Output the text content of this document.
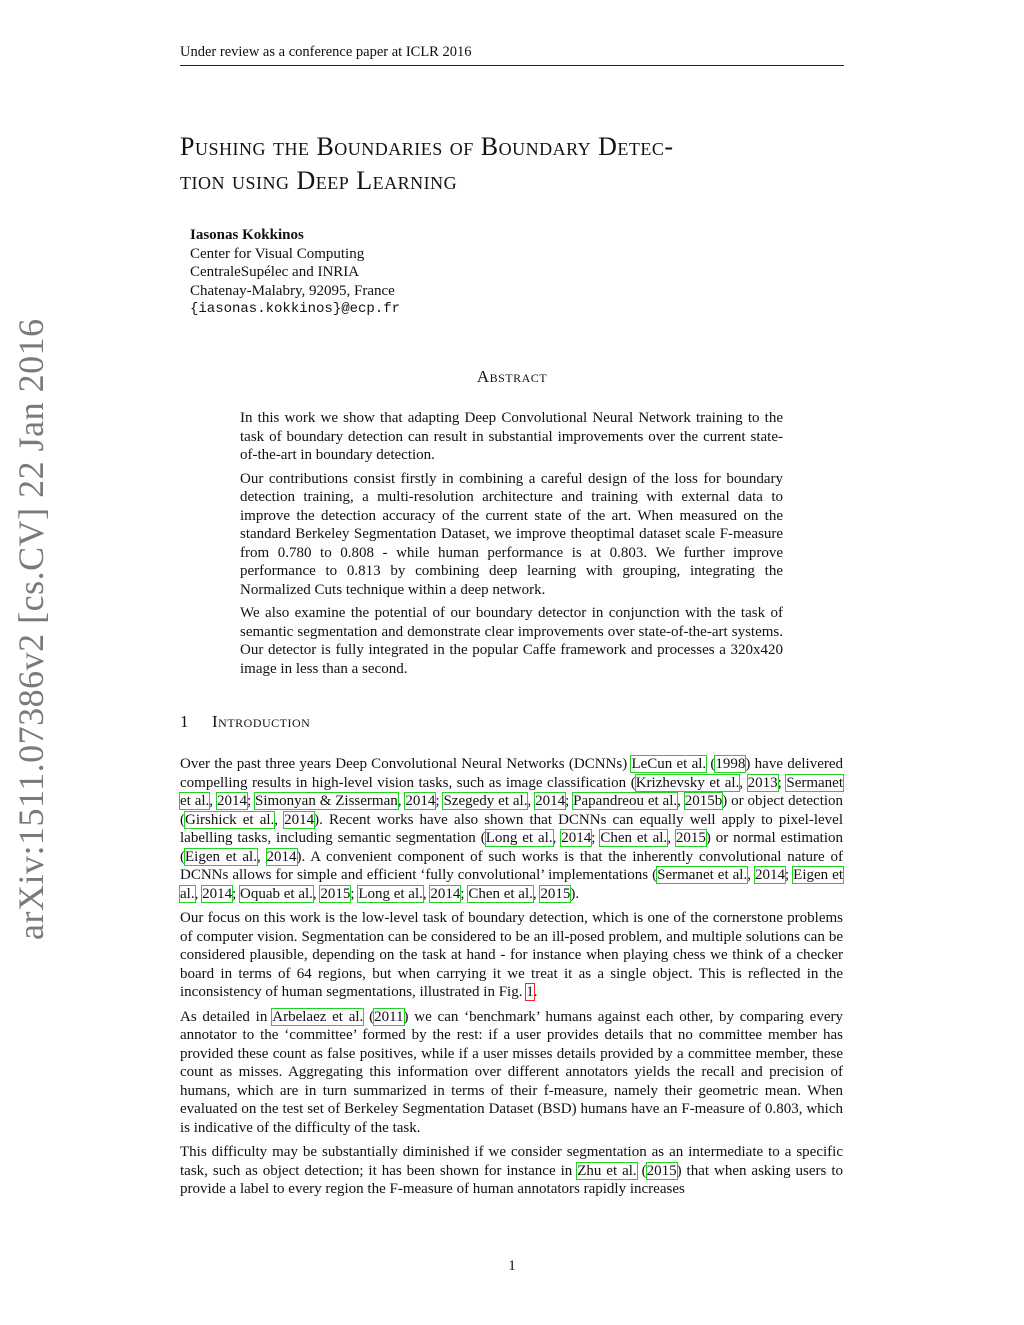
Under review as a conference paper at ICLR 2016
arXiv:1511.07386v2 [cs.CV] 22 Jan 2016
Pushing the Boundaries of Boundary Detec-
tion using Deep Learning
Iasonas Kokkinos
Center for Visual Computing
CentraleSupélec and INRIA
Chatenay-Malabry, 92095, France
{iasonas.kokkinos}@ecp.fr
Abstract

In this work we show that adapting Deep Convolutional Neural Network training to the task of boundary detection can result in substantial improvements over the current state-of-the-art in boundary detection.

Our contributions consist firstly in combining a careful design of the loss for boundary detection training, a multi-resolution architecture and training with external data to improve the detection accuracy of the current state of the art. When measured on the standard Berkeley Segmentation Dataset, we improve theoptimal dataset scale F-measure from 0.780 to 0.808 - while human performance is at 0.803. We further improve performance to 0.813 by combining deep learning with grouping, integrating the Normalized Cuts technique within a deep network.

We also examine the potential of our boundary detector in conjunction with the task of semantic segmentation and demonstrate clear improvements over state-of-the-art systems. Our detector is fully integrated in the popular Caffe framework and processes a 320x420 image in less than a second.

1 Introduction

Over the past three years Deep Convolutional Neural Networks (DCNNs) LeCun et al. (1998) have delivered compelling results in high-level vision tasks, such as image classification (Krizhevsky et al., 2013; Sermanet et al., 2014; Simonyan & Zisserman, 2014; Szegedy et al., 2014; Papandreou et al., 2015b) or object detection (Girshick et al., 2014). Recent works have also shown that DCNNs can equally well apply to pixel-level labelling tasks, including semantic segmentation (Long et al., 2014; Chen et al., 2015) or normal estimation (Eigen et al., 2014). A convenient component of such works is that the inherently convolutional nature of DCNNs allows for simple and efficient ‘fully convolutional’ implementations (Sermanet et al., 2014; Eigen et al., 2014; Oquab et al., 2015; Long et al., 2014; Chen et al., 2015).

Our focus on this work is the low-level task of boundary detection, which is one of the cornerstone problems of computer vision. Segmentation can be considered to be an ill-posed problem, and multiple solutions can be considered plausible, depending on the task at hand - for instance when playing chess we think of a checker board in terms of 64 regions, but when carrying it we treat it as a single object. This is reflected in the inconsistency of human segmentations, illustrated in Fig. 1.

As detailed in Arbelaez et al. (2011) we can ‘benchmark’ humans against each other, by comparing every annotator to the ‘committee’ formed by the rest: if a user provides details that no committee member has provided these count as false positives, while if a user misses details provided by a committee member, these count as misses. Aggregating this information over different annotators yields the recall and precision of humans, which are in turn summarized in terms of their f-measure, namely their geometric mean. When evaluated on the test set of Berkeley Segmentation Dataset (BSD) humans have an F-measure of 0.803, which is indicative of the difficulty of the task.

This difficulty may be substantially diminished if we consider segmentation as an intermediate to a specific task, such as object detection; it has been shown for instance in Zhu et al. (2015) that when asking users to provide a label to every region the F-measure of human annotators rapidly increases

1
